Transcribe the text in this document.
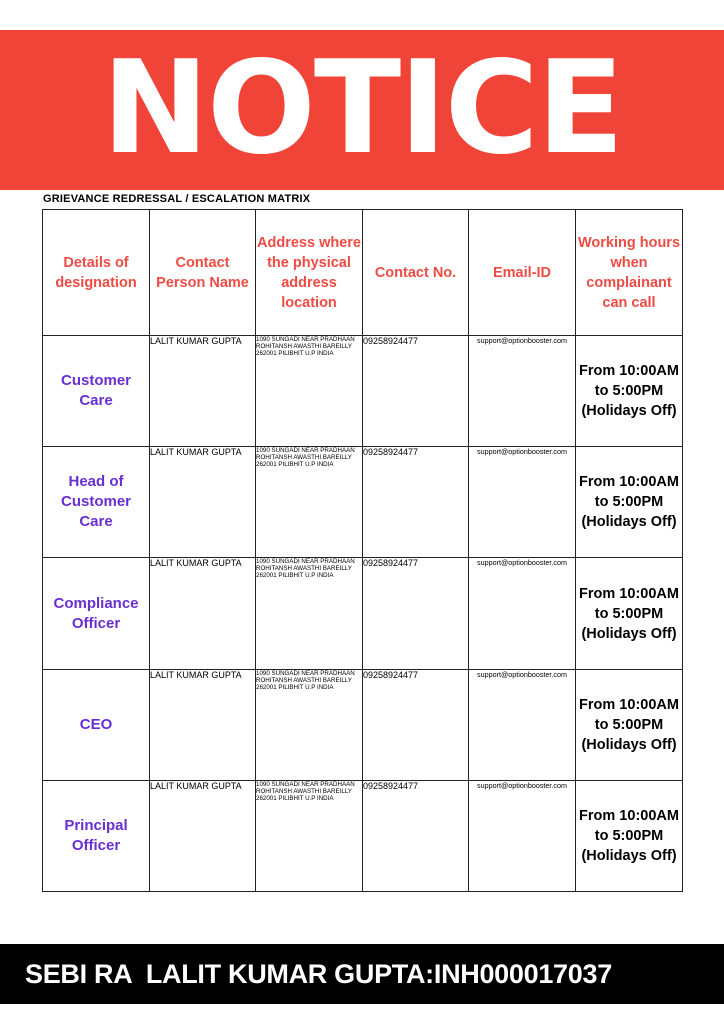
NOTICE
GRIEVANCE REDRESSAL / ESCALATION MATRIX
Details of designation	Contact Person Name	Address where the physical address location	Contact No.	Email-ID	Working hours when complainant can call
Customer Care	LALIT KUMAR GUPTA	1090 SUNGADI NEAR PRADHAAN ROHITANSH AWASTHI BAREILLY 262001 PILIBHIT U.P INDIA	09258924477	support@optionbooster.com	From 10:00AM to 5:00PM (Holidays Off)
Head of Customer Care	LALIT KUMAR GUPTA	1090 SUNGADI NEAR PRADHAAN ROHITANSH AWASTHI BAREILLY 262001 PILIBHIT U.P INDIA	09258924477	support@optionbooster.com	From 10:00AM to 5:00PM (Holidays Off)
Compliance Officer	LALIT KUMAR GUPTA	1090 SUNGADI NEAR PRADHAAN ROHITANSH AWASTHI BAREILLY 262001 PILIBHIT U.P INDIA	09258924477	support@optionbooster.com	From 10:00AM to 5:00PM (Holidays Off)
CEO	LALIT KUMAR GUPTA	1090 SUNGADI NEAR PRADHAAN ROHITANSH AWASTHI BAREILLY 262001 PILIBHIT U.P INDIA	09258924477	support@optionbooster.com	From 10:00AM to 5:00PM (Holidays Off)
Principal Officer	LALIT KUMAR GUPTA	1090 SUNGADI NEAR PRADHAAN ROHITANSH AWASTHI BAREILLY 262001 PILIBHIT U.P INDIA	09258924477	support@optionbooster.com	From 10:00AM to 5:00PM (Holidays Off)
SEBI RA  LALIT KUMAR GUPTA:INH000017037
